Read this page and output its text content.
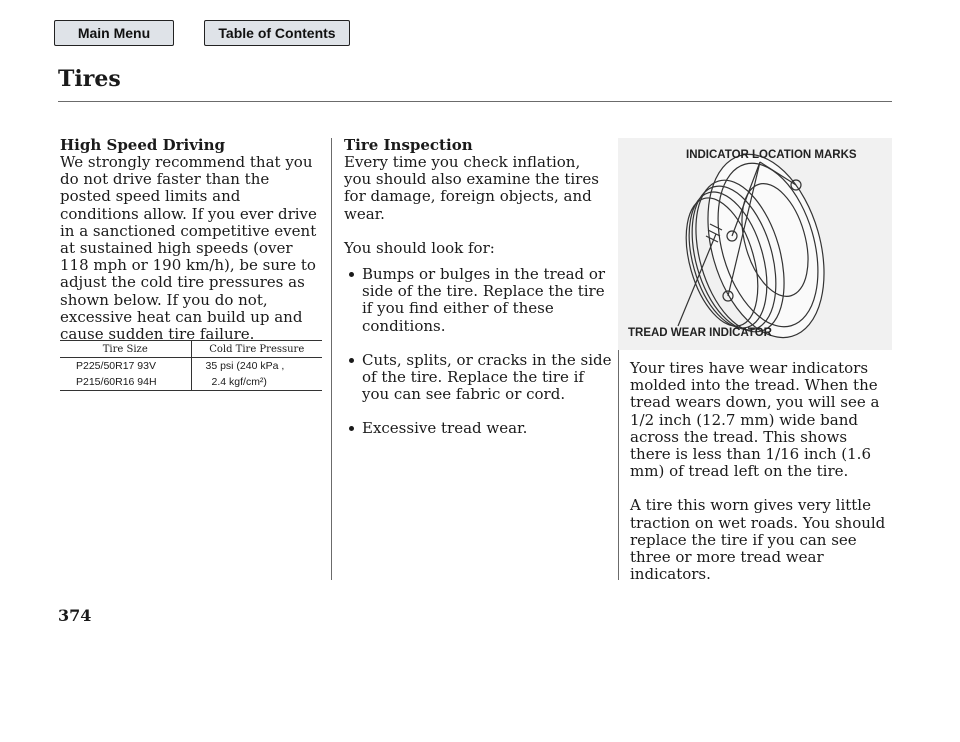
Main Menu	Table of Contents
Tires
High Speed Driving

We strongly recommend that you do not drive faster than the posted speed limits and conditions allow. If you ever drive in a sanctioned competitive event at sustained high speeds (over 118 mph or 190 km/h), be sure to adjust the cold tire pressures as shown below. If you do not, excessive heat can build up and cause sudden tire failure.

Tire Size	Cold Tire Pressure
P225/50R17 93V	35 psi (240 kPa ,
P215/60R16 94H	2.4 kgf/cm²)
Tire Inspection

Every time you check inflation, you should also examine the tires for damage, foreign objects, and wear.

You should look for:

Bumps or bulges in the tread or side of the tire. Replace the tire if you find either of these conditions.
Cuts, splits, or cracks in the side of the tire. Replace the tire if you can see fabric or cord.
Excessive tread wear.
INDICATOR LOCATION MARKS
TREAD WEAR INDICATOR

Your tires have wear indicators molded into the tread. When the tread wears down, you will see a 1/2 inch (12.7 mm) wide band across the tread. This shows there is less than 1/16 inch (1.6 mm) of tread left on the tire.

A tire this worn gives very little traction on wet roads. You should replace the tire if you can see three or more tread wear indicators.

374
